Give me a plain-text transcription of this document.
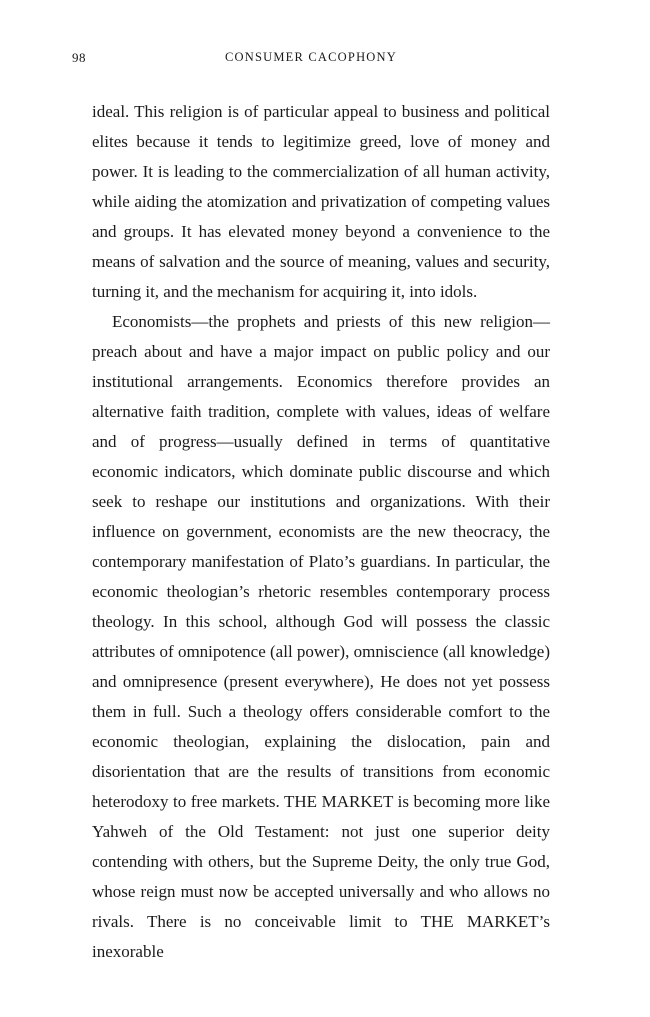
98	CONSUMER CACOPHONY

ideal. This religion is of particular appeal to business and political elites because it tends to legitimize greed, love of money and power. It is leading to the commercialization of all human activity, while aiding the atomization and privatization of competing values and groups. It has elevated money beyond a convenience to the means of salvation and the source of meaning, values and security, turning it, and the mechanism for acquiring it, into idols.

Economists—the prophets and priests of this new religion—preach about and have a major impact on public policy and our institutional arrangements. Economics therefore provides an alternative faith tradition, complete with values, ideas of welfare and of progress—usually defined in terms of quantitative economic indicators, which dominate public discourse and which seek to reshape our institutions and organizations. With their influence on government, economists are the new theocracy, the contemporary manifestation of Plato’s guardians. In particular, the economic theologian’s rhetoric resembles contemporary process theology. In this school, although God will possess the classic attributes of omnipotence (all power), omniscience (all knowledge) and omnipresence (present everywhere), He does not yet possess them in full. Such a theology offers considerable comfort to the economic theologian, explaining the dislocation, pain and disorientation that are the results of transitions from economic heterodoxy to free markets. THE MARKET is becoming more like Yahweh of the Old Testament: not just one superior deity contending with others, but the Supreme Deity, the only true God, whose reign must now be accepted universally and who allows no rivals. There is no conceivable limit to THE MARKET’s inexorable
